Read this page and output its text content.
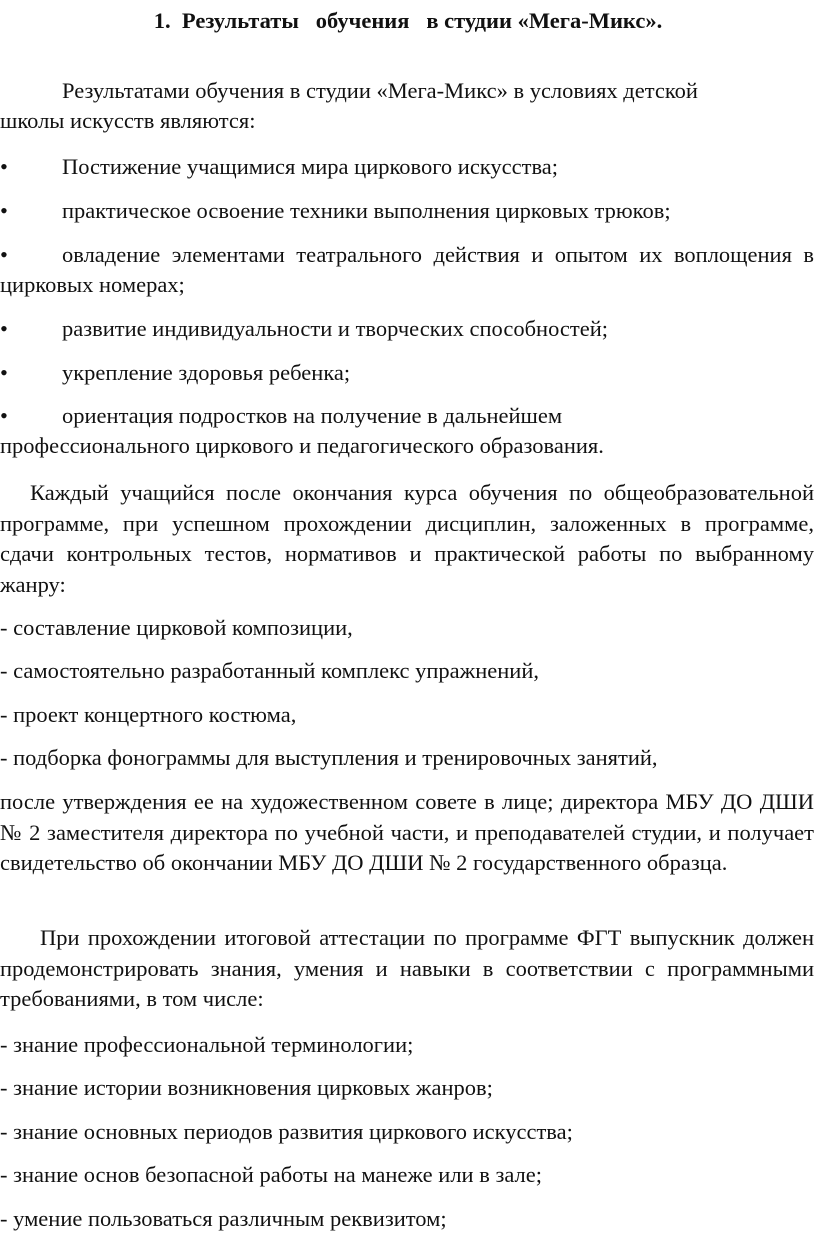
1.  Результаты   обучения   в студии «Мега-Микс».

Результатами обучения в студии «Мега-Микс» в условиях детской
школы искусств являются:

•	Постижение учащимися мира циркового искусства;
•	практическое освоение техники выполнения цирковых трюков;
•	овладение элементами театрального действия и опытом их воплощения в цирковых номерах;
•	развитие индивидуальности и творческих способностей;
•	укрепление здоровья ребенка;
•	ориентация подростков на получение в дальнейшем профессионального циркового и педагогического образования.

Каждый учащийся после окончания курса обучения по общеобразовательной программе, при успешном прохождении дисциплин, заложенных в программе, сдачи контрольных тестов, нормативов и практической работы по выбранному жанру:

- составление цирковой композиции,

- самостоятельно разработанный комплекс упражнений,

- проект концертного костюма,

- подборка фонограммы для выступления и тренировочных занятий,

после утверждения ее на художественном совете в лице; директора МБУ ДО ДШИ № 2 заместителя директора по учебной части, и преподавателей студии, и получает свидетельство об окончании МБУ ДО ДШИ № 2 государственного образца.

При прохождении итоговой аттестации по программе ФГТ выпускник должен продемонстрировать знания, умения и навыки в соответствии с программными требованиями, в том числе:

- знание профессиональной терминологии;

- знание истории возникновения цирковых жанров;

- знание основных периодов развития циркового искусства;

- знание основ безопасной работы на манеже или в зале;

- умение пользоваться различным реквизитом;
